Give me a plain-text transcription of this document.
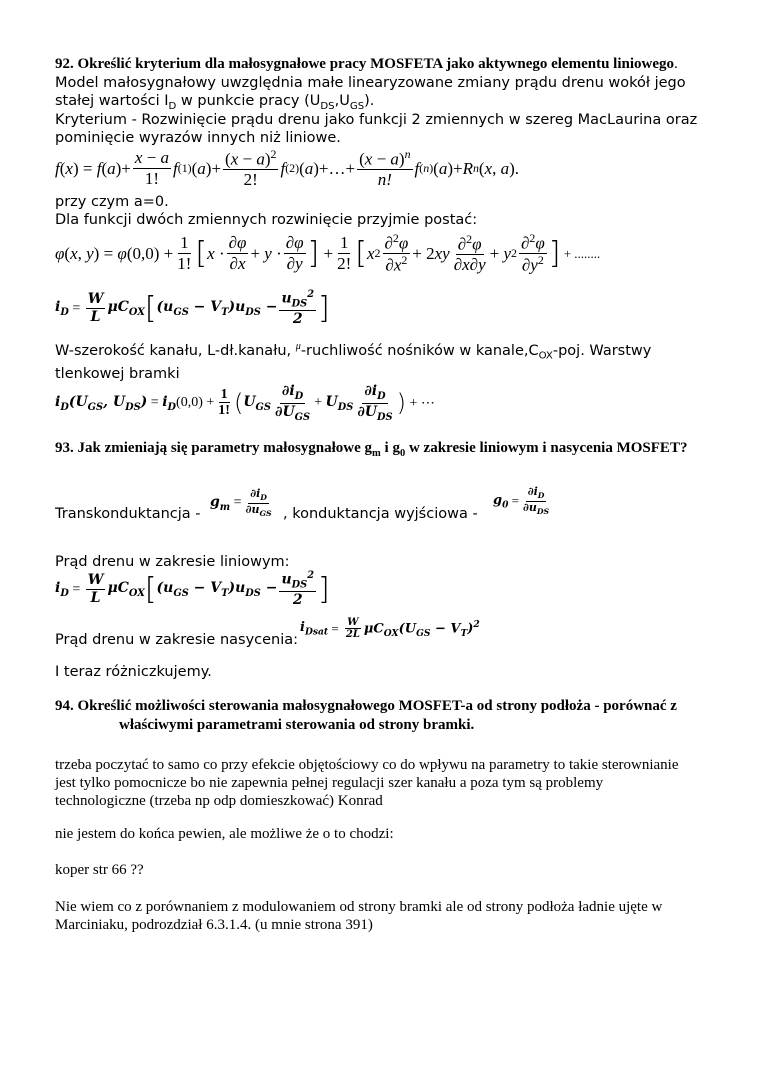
92. Określić kryterium dla małosygnałowe pracy MOSFETA jako aktywnego elementu liniowego.
Model małosygnałowy uwzględnia małe linearyzowane zmiany prądu drenu wokół jego
stałej wartości $I_D$ w punkcie pracy $(U_{DS},U_{GS})$.
Kryterium - Rozwinięcie prądu drenu jako funkcji 2 zmiennych w szereg MacLaurina oraz
pominięcie wyrazów innych niż liniowe.
f ( x ) = f ( a )+ $\frac{x - a}{1!}$ f (1) ( a )+ $\frac{(x - a)^2}{2!}$ f (2) ( a )+…+ $\frac{(x - a)^n}{n!}$ f (n) ( a )+ R n ( x , a ).
przy czym a=0.
Dla funkcji dwóch zmiennych rozwinięcie przyjmie postać:
φ ( x , y ) = φ $(0,0) + \frac{1}{1!}$ [ $x \cdot \frac{\partial\varphi}{\partial x} + y \cdot \frac{\partial\varphi}{\partial y}$ ] + $\frac{1}{2!}$ [ x $2 \frac{\partial^2\varphi}{\partial x^2} + 2$ xy $\frac{\partial^2\varphi}{\partial x\partial y} + y$ $2 \frac{\partial^2\varphi}{\partial y^2}$ ] + ........
$i_D = \frac{W}{L} \mu C_{OX}$ [ $(u_{GS} - V_T)u_{DS} - \frac{u_{DS}^2}{2}$ ]
W-szerokość kanału, L-dł.kanału, $^\mu$-ruchliwość nośników w $kanale,C_{OX}$-poj. Warstwy
tlenkowej bramki
$i_D(U_{GS}$, $U_{DS}) = i_D$ $(0,0) + \frac{1}{1!}$ ( $U_{GS} \frac{\partial i_D}{\partial U_{GS}} + U_{DS} \frac{\partial i_D}{\partial U_{DS}}$ ) + ⋯
93. Jak zmieniają się parametry małosygnałowe $g_m$ i $g_0$ w zakresie liniowym i nasycenia MOSFET?
Transkonduktancja -
$g_m = \frac{\partial i_D}{\partial u_{GS}}$ , konduktancja wyjściowa -
$g_0 = \frac{\partial i_D}{\partial u_{DS}}$
Prąd drenu w zakresie liniowym:
$i_D = \frac{W}{L} \mu C_{OX}$ [ $(u_{GS} - V_T)u_{DS} - \frac{u_{DS}^2}{2}$ ]
Prąd drenu w zakresie nasycenia:
$i_{Dsat} = \frac{W}{2L} \mu C_{OX}(U_{GS} - V_T)^2$
I teraz różniczkujemy.
94. Określić możliwości sterowania małosygnałowego MOSFET-a od strony podłoża - porównać z
właściwymi parametrami sterowania od strony bramki.
trzeba poczytać to samo co przy efekcie objętościowy co do wpływu na parametry to takie sterownianie
jest tylko pomocnicze bo nie zapewnia pełnej regulacji szer kanału a poza tym są problemy
technologiczne (trzeba np odp domieszkować) Konrad
nie jestem do końca pewien, ale możliwe że o to chodzi:
koper str 66 ??
Nie wiem co z porównaniem z modulowaniem od strony bramki ale od strony podłoża ładnie ujęte w
Marciniaku, podrozdział 6.3.1.4. (u mnie strona 391)
